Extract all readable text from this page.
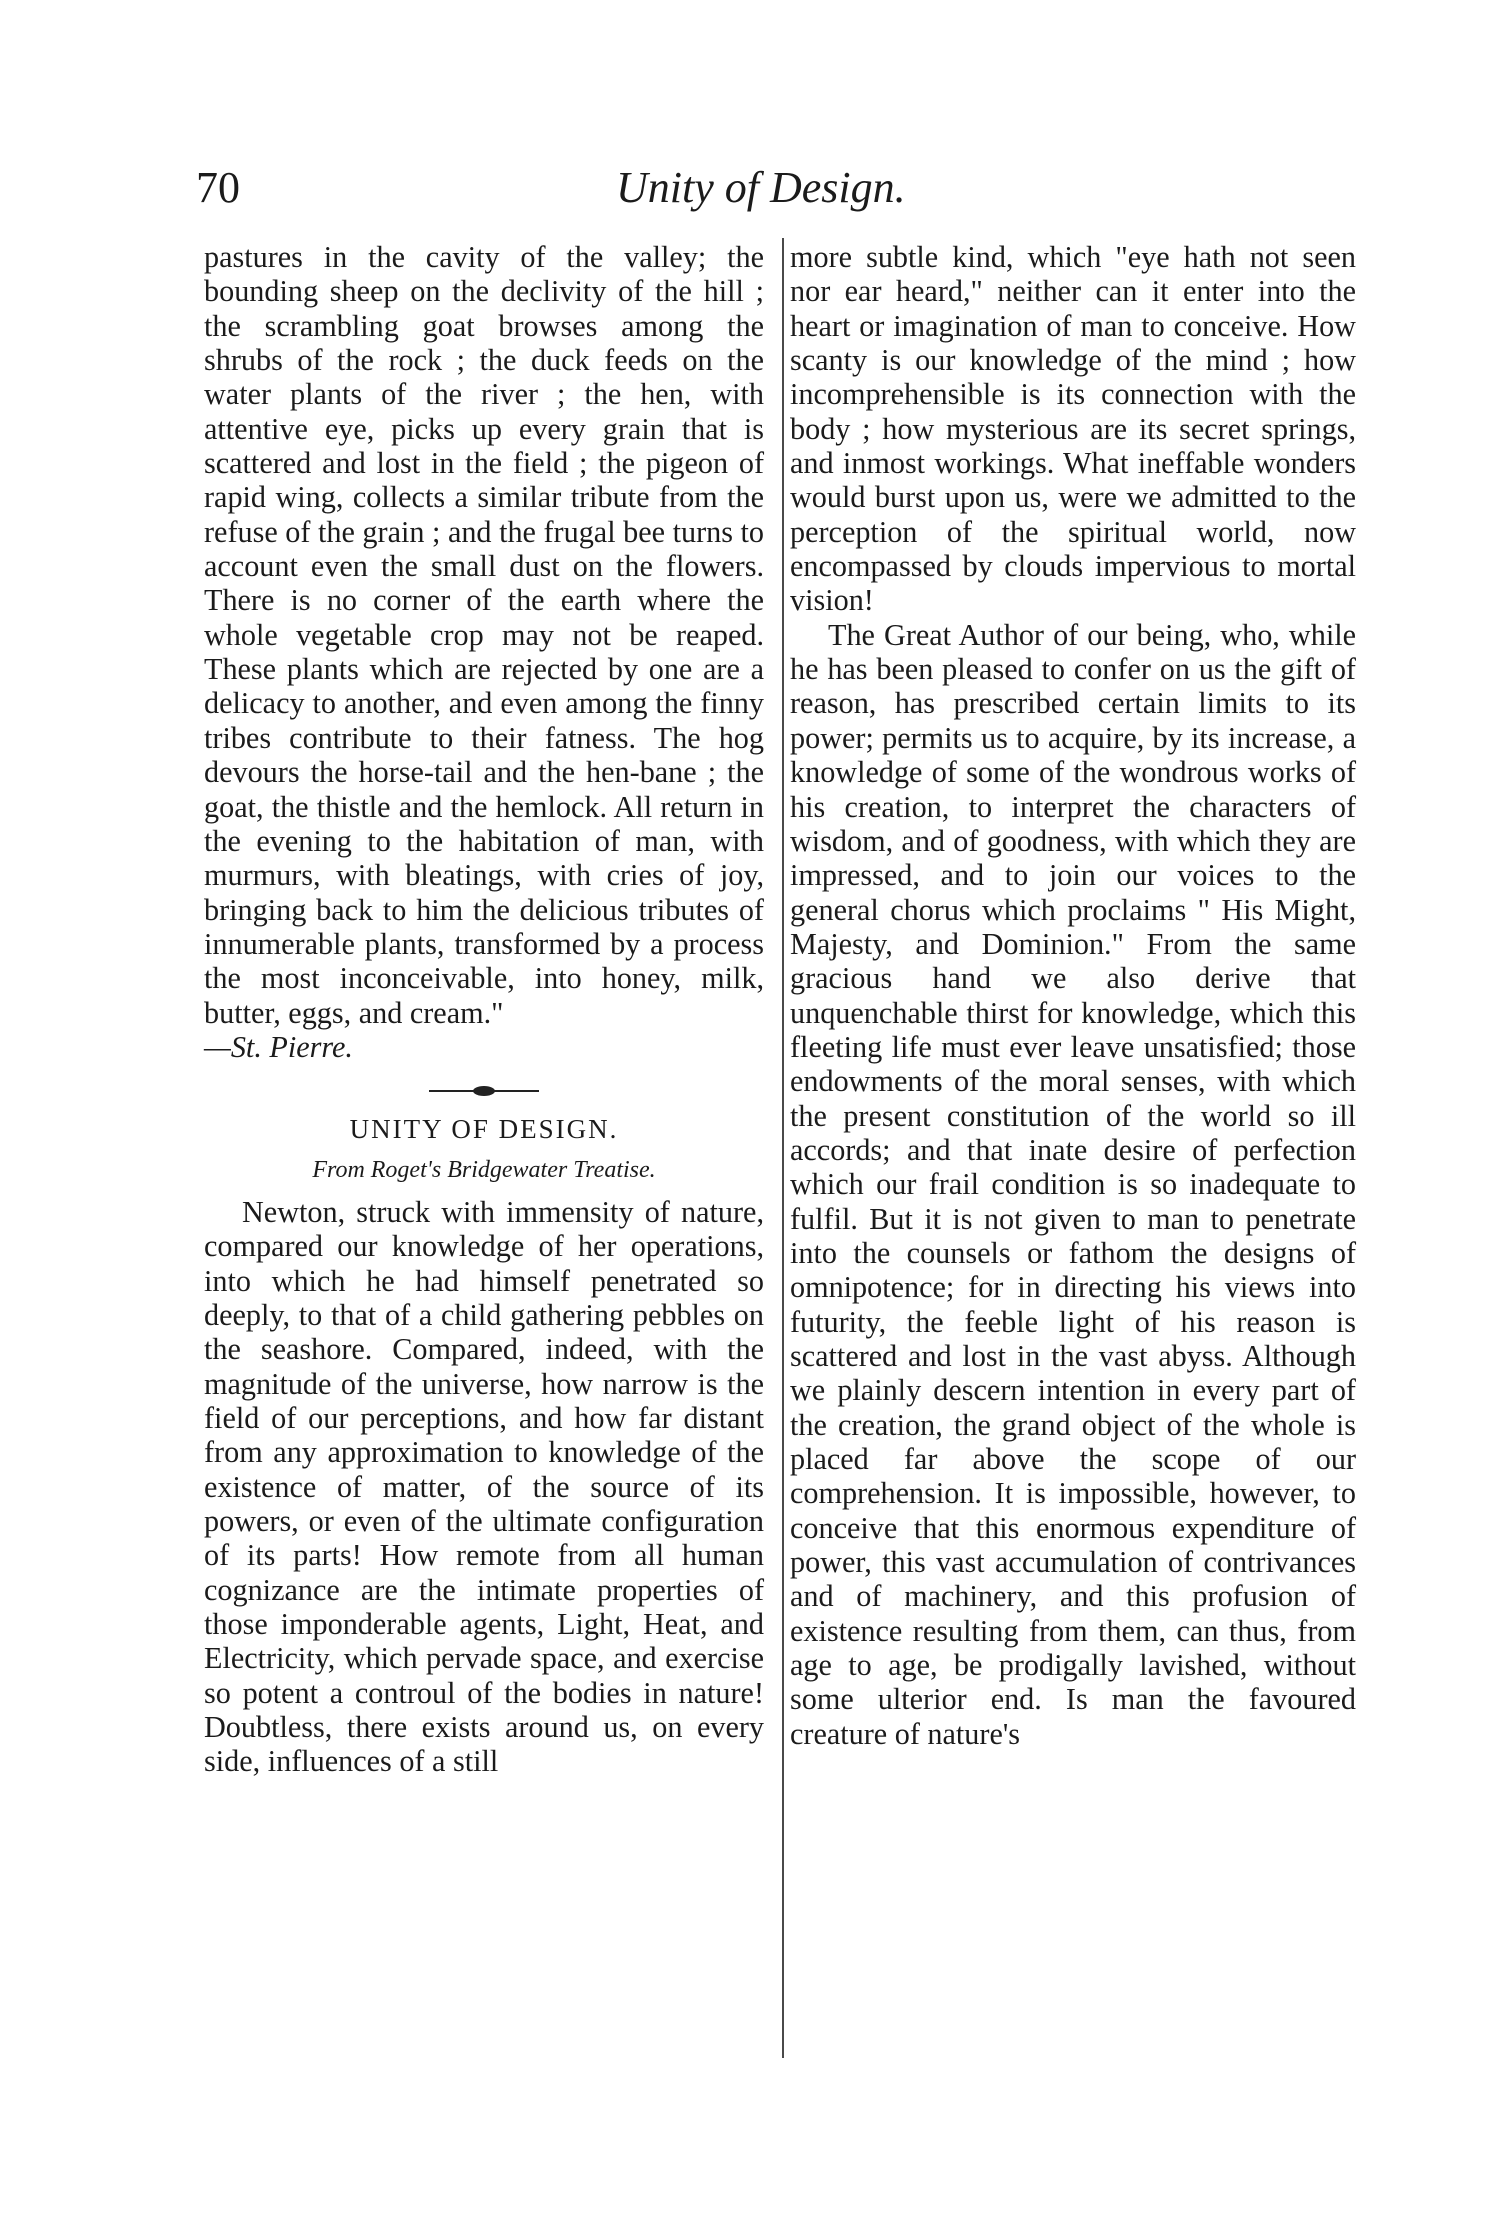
70	Unity of Design.

pastures in the cavity of the valley; the bounding sheep on the declivity of the hill ; the scrambling goat browses among the shrubs of the rock ; the duck feeds on the water plants of the river ; the hen, with attentive eye, picks up every grain that is scattered and lost in the field ; the pigeon of rapid wing, collects a similar tribute from the refuse of the grain ; and the frugal bee turns to account even the small dust on the flowers. There is no corner of the earth where the whole vegetable crop may not be reaped. These plants which are rejected by one are a delicacy to another, and even among the finny tribes contribute to their fatness. The hog devours the horse-tail and the hen-bane ; the goat, the thistle and the hemlock. All return in the evening to the habitation of man, with murmurs, with bleatings, with cries of joy, bringing back to him the delicious tributes of innumerable plants, transformed by a process the most inconceivable, into honey, milk, butter, eggs, and cream."

—St. Pierre.

UNITY OF DESIGN.

From Roget's Bridgewater Treatise.

Newton, struck with immensity of nature, compared our knowledge of her operations, into which he had himself penetrated so deeply, to that of a child gathering pebbles on the seashore. Compared, indeed, with the magnitude of the universe, how narrow is the field of our perceptions, and how far distant from any approximation to knowledge of the existence of matter, of the source of its powers, or even of the ultimate configuration of its parts! How remote from all human cognizance are the intimate properties of those imponderable agents, Light, Heat, and Electricity, which pervade space, and exercise so potent a controul of the bodies in nature! Doubtless, there exists around us, on every side, influences of a still

more subtle kind, which "eye hath not seen nor ear heard," neither can it enter into the heart or imagination of man to conceive. How scanty is our knowledge of the mind ; how incomprehensible is its connection with the body ; how mysterious are its secret springs, and inmost workings. What ineffable wonders would burst upon us, were we admitted to the perception of the spiritual world, now encompassed by clouds impervious to mortal vision!

The Great Author of our being, who, while he has been pleased to confer on us the gift of reason, has prescribed certain limits to its power; permits us to acquire, by its increase, a knowledge of some of the wondrous works of his creation, to interpret the characters of wisdom, and of goodness, with which they are impressed, and to join our voices to the general chorus which proclaims " His Might, Majesty, and Dominion." From the same gracious hand we also derive that unquenchable thirst for knowledge, which this fleeting life must ever leave unsatisfied; those endowments of the moral senses, with which the present constitution of the world so ill accords; and that inate desire of perfection which our frail condition is so inadequate to fulfil. But it is not given to man to penetrate into the counsels or fathom the designs of omnipotence; for in directing his views into futurity, the feeble light of his reason is scattered and lost in the vast abyss. Although we plainly descern intention in every part of the creation, the grand object of the whole is placed far above the scope of our comprehension. It is impossible, however, to conceive that this enormous expenditure of power, this vast accumulation of contrivances and of machinery, and this profusion of existence resulting from them, can thus, from age to age, be prodigally lavished, without some ulterior end. Is man the favoured creature of nature's
